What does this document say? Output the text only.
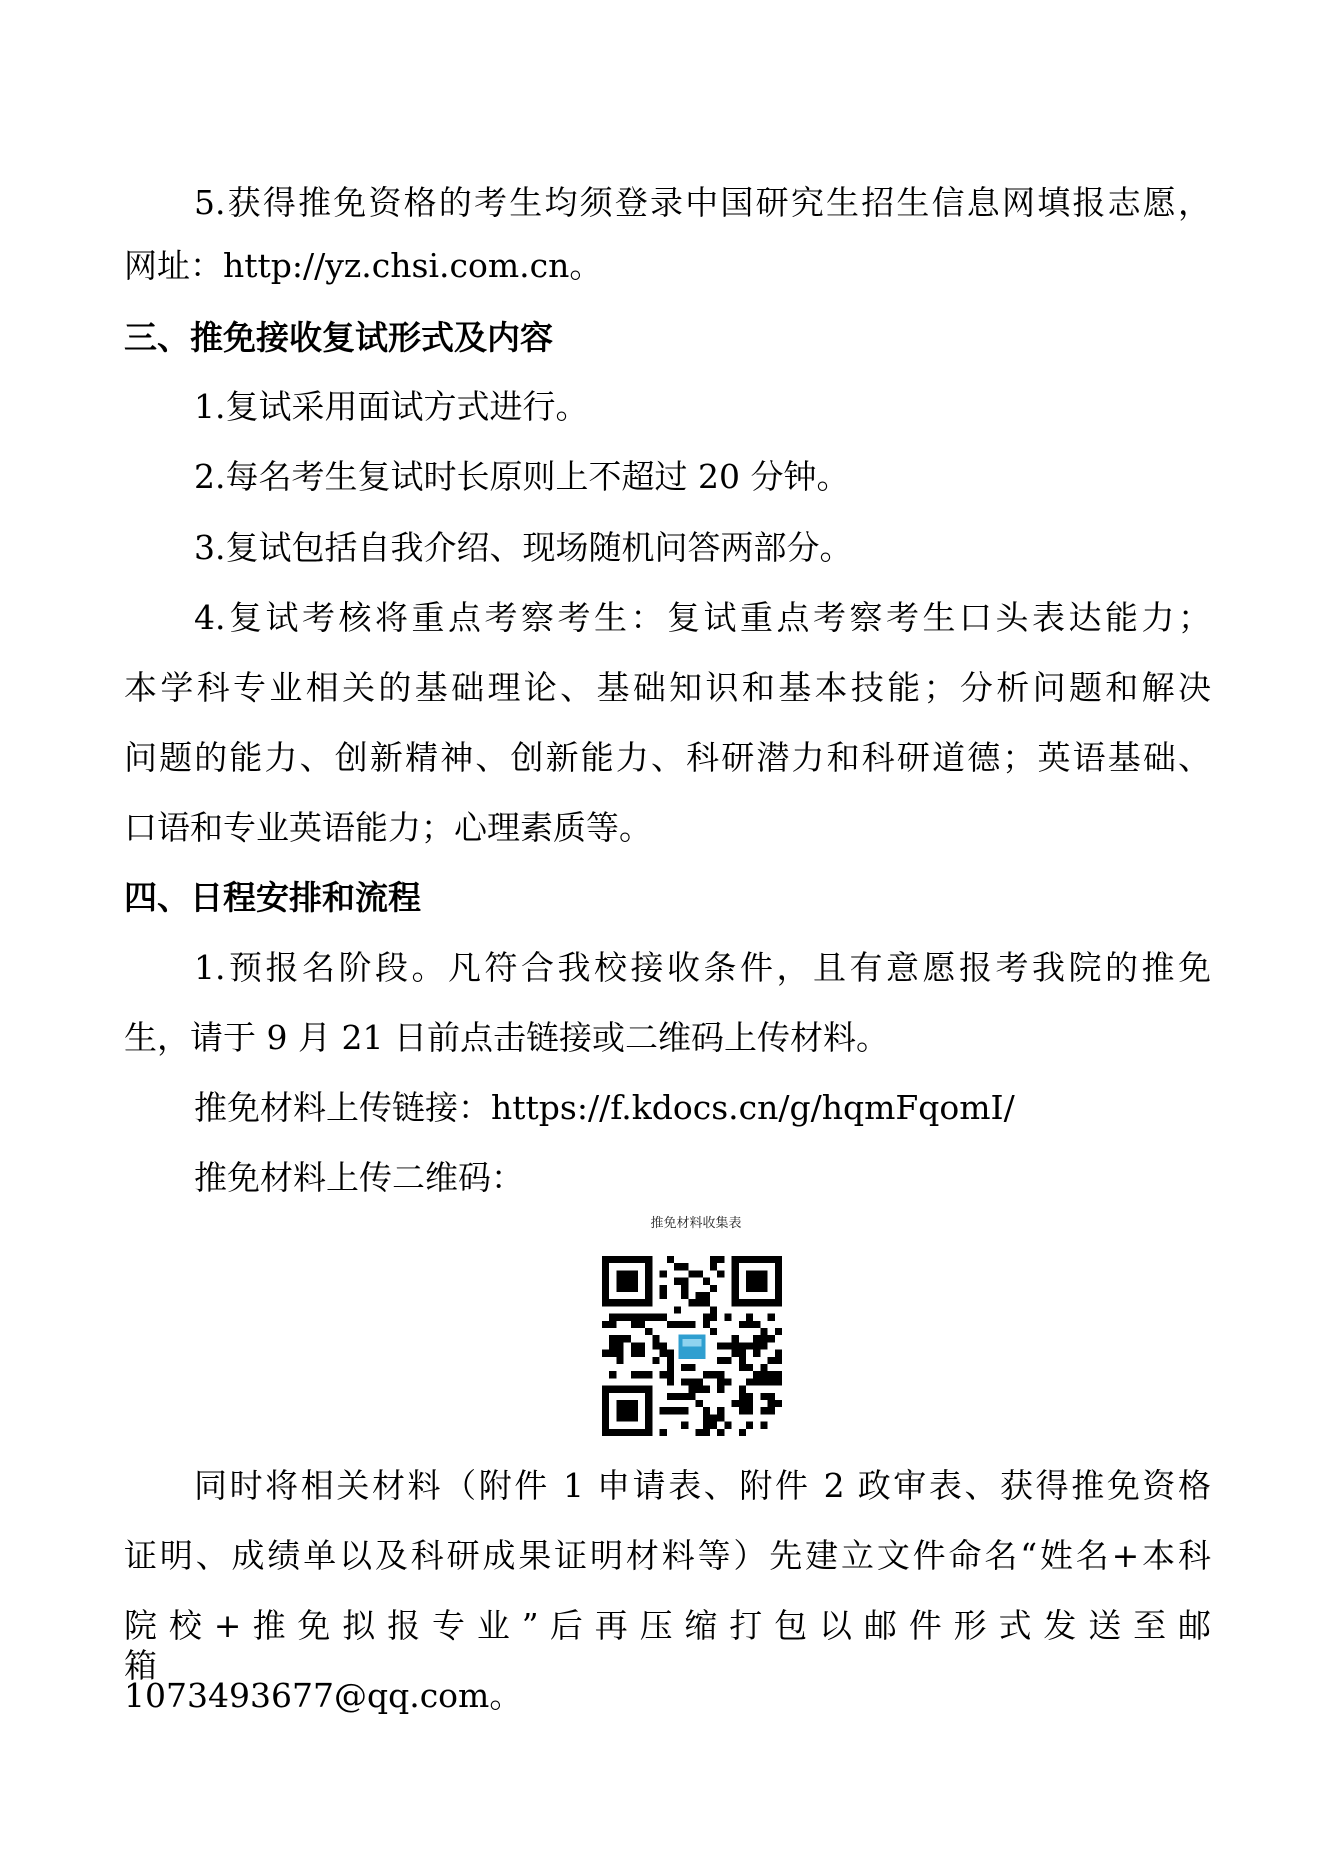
5.获得推免资格的考生均须登录中国研究生招生信息网填报志愿，
网址：http://yz.chsi.com.cn。
三、推免接收复试形式及内容
1.复试采用面试方式进行。
2.每名考生复试时长原则上不超过 20 分钟。
3.复试包括自我介绍、现场随机问答两部分。
4.复试考核将重点考察考生：复试重点考察考生口头表达能力；
本学科专业相关的基础理论、基础知识和基本技能；分析问题和解决
问题的能力、创新精神、创新能力、科研潜力和科研道德；英语基础、
口语和专业英语能力；心理素质等。
四、日程安排和流程
1.预报名阶段。凡符合我校接收条件，且有意愿报考我院的推免
生，请于 9 月 21 日前点击链接或二维码上传材料。
推免材料上传链接：https://f.kdocs.cn/g/hqmFqomI/
推免材料上传二维码：
推免材料收集表
同时将相关材料（附件 1 申请表、附件 2 政审表、获得推免资格
证明、成绩单以及科研成果证明材料等）先建立文件命名“姓名+本科
院 校 + 推 免 拟 报 专 业 ” 后 再 压 缩 打 包 以 邮 件 形 式 发 送 至 邮 箱
1073493677@qq.com。
